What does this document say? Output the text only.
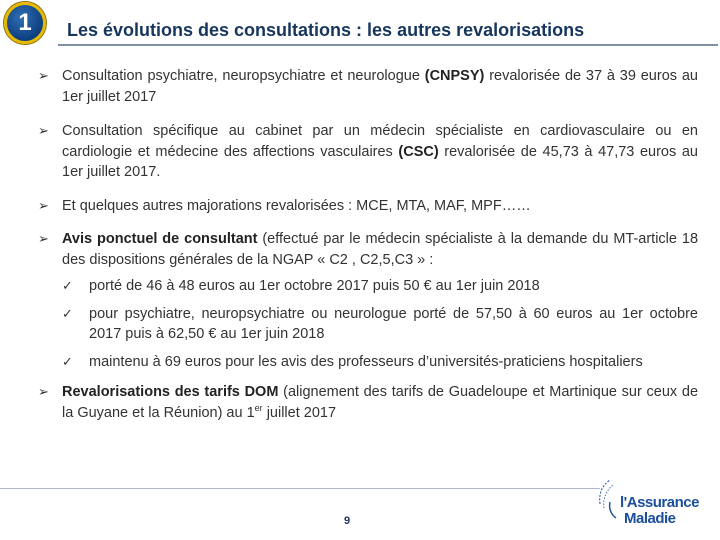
1 Les évolutions des consultations : les autres revalorisations
➢ Consultation psychiatre, neuropsychiatre et neurologue (CNPSY) revalorisée de 37 à 39 euros au 1er juillet 2017
➢ Consultation spécifique au cabinet par un médecin spécialiste en cardiovasculaire ou en cardiologie et médecine des affections vasculaires (CSC) revalorisée de 45,73 à 47,73 euros au 1er juillet 2017.
➢ Et quelques autres majorations revalorisées : MCE, MTA, MAF, MPF……
➢ Avis ponctuel de consultant (effectué par le médecin spécialiste à la demande du MT-article 18 des dispositions générales de la NGAP « C2 , C2,5,C3 » :
✓ porté de 46 à 48 euros au 1er octobre 2017 puis 50 € au 1er juin 2018
✓ pour psychiatre, neuropsychiatre ou neurologue porté de 57,50 à 60 euros au 1er octobre 2017 puis à 62,50 € au 1er juin 2018
✓ maintenu à 69 euros pour les avis des professeurs d’universités-praticiens hospitaliers
➢ Revalorisations des tarifs DOM (alignement des tarifs de Guadeloupe et Martinique sur ceux de la Guyane et la Réunion) au 1er juillet 2017
9
l'Assurance
Maladie
